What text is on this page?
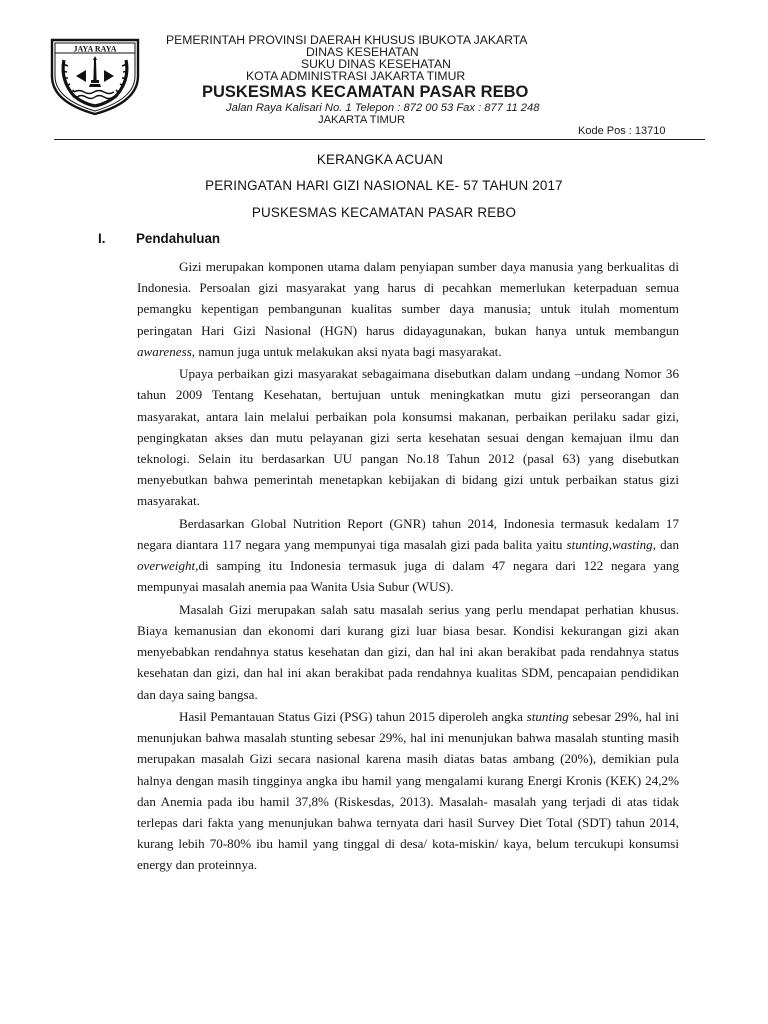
JAYA RAYA
PEMERINTAH PROVINSI DAERAH KHUSUS IBUKOTA JAKARTA
DINAS KESEHATAN
SUKU DINAS KESEHATAN
KOTA ADMINISTRASI JAKARTA TIMUR
PUSKESMAS KECAMATAN PASAR REBO
Jalan Raya Kalisari No. 1 Telepon : 872 00 53 Fax : 877 11 248
JAKARTA TIMUR
Kode Pos : 13710
KERANGKA ACUAN
PERINGATAN HARI GIZI NASIONAL KE- 57 TAHUN 2017
PUSKESMAS KECAMATAN PASAR REBO
I. Pendahuluan

Gizi merupakan komponen utama dalam penyiapan sumber daya manusia yang berkualitas di Indonesia. Persoalan gizi masyarakat yang harus di pecahkan memerlukan keterpaduan semua pemangku kepentigan pembangunan kualitas sumber daya manusia; untuk itulah momentum peringatan Hari Gizi Nasional (HGN) harus didayagunakan, bukan hanya untuk membangun awareness, namun juga untuk melakukan aksi nyata bagi masyarakat.

Upaya perbaikan gizi masyarakat sebagaimana disebutkan dalam undang –undang Nomor 36 tahun 2009 Tentang Kesehatan, bertujuan untuk meningkatkan mutu gizi perseorangan dan masyarakat, antara lain melalui perbaikan pola konsumsi makanan, perbaikan perilaku sadar gizi, pengingkatan akses dan mutu pelayanan gizi serta kesehatan sesuai dengan kemajuan ilmu dan teknologi. Selain itu berdasarkan UU pangan No.18 Tahun 2012 (pasal 63) yang disebutkan menyebutkan bahwa pemerintah menetapkan kebijakan di bidang gizi untuk perbaikan status gizi masyarakat.

Berdasarkan Global Nutrition Report (GNR) tahun 2014, Indonesia termasuk kedalam 17 negara diantara 117 negara yang mempunyai tiga masalah gizi pada balita yaitu stunting,wasting, dan overweight,di samping itu Indonesia termasuk juga di dalam 47 negara dari 122 negara yang mempunyai masalah anemia paa Wanita Usia Subur (WUS).

Masalah Gizi merupakan salah satu masalah serius yang perlu mendapat perhatian khusus. Biaya kemanusian dan ekonomi dari kurang gizi luar biasa besar. Kondisi kekurangan gizi akan menyebabkan rendahnya status kesehatan dan gizi, dan hal ini akan berakibat pada rendahnya status kesehatan dan gizi, dan hal ini akan berakibat pada rendahnya kualitas SDM, pencapaian pendidikan dan daya saing bangsa.

Hasil Pemantauan Status Gizi (PSG) tahun 2015 diperoleh angka stunting sebesar 29%, hal ini menunjukan bahwa masalah stunting sebesar 29%, hal ini menunjukan bahwa masalah stunting masih merupakan masalah Gizi secara nasional karena masih diatas batas ambang (20%), demikian pula halnya dengan masih tingginya angka ibu hamil yang mengalami kurang Energi Kronis (KEK) 24,2% dan Anemia pada ibu hamil 37,8% (Riskesdas, 2013). Masalah- masalah yang terjadi di atas tidak terlepas dari fakta yang menunjukan bahwa ternyata dari hasil Survey Diet Total (SDT) tahun 2014, kurang lebih 70-80% ibu hamil yang tinggal di desa/ kota-miskin/ kaya, belum tercukupi konsumsi energy dan proteinnya.
